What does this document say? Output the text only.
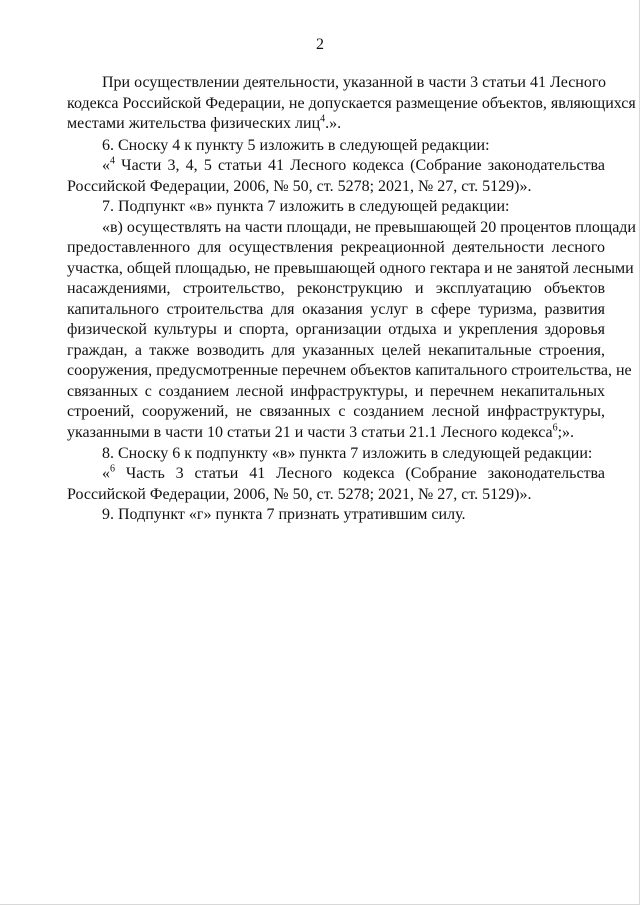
2
При осуществлении деятельности, указанной в части 3 статьи 41 Лесного
кодекса Российской Федерации, не допускается размещение объектов, являющихся
местами жительства физических лиц$^4$.».
6. Сноску 4 к пункту 5 изложить в следующей редакции:
«$^4$ Части 3, 4, 5 статьи 41 Лесного кодекса (Собрание законодательства
Российской Федерации, 2006, № 50, ст. 5278; 2021, № 27, ст. 5129)».
7. Подпункт «в» пункта 7 изложить в следующей редакции:
«в) осуществлять на части площади, не превышающей 20 процентов площади
предоставленного для осуществления рекреационной деятельности лесного
участка, общей площадью, не превышающей одного гектара и не занятой лесными
насаждениями, строительство, реконструкцию и эксплуатацию объектов
капитального строительства для оказания услуг в сфере туризма, развития
физической культуры и спорта, организации отдыха и укрепления здоровья
граждан, а также возводить для указанных целей некапитальные строения,
сооружения, предусмотренные перечнем объектов капитального строительства, не
связанных с созданием лесной инфраструктуры, и перечнем некапитальных
строений, сооружений, не связанных с созданием лесной инфраструктуры,
указанными в части 10 статьи 21 и части 3 статьи 21.1 Лесного кодекса$^6$;».
8. Сноску 6 к подпункту «в» пункта 7 изложить в следующей редакции:
«$^6$ Часть 3 статьи 41 Лесного кодекса (Собрание законодательства
Российской Федерации, 2006, № 50, ст. 5278; 2021, № 27, ст. 5129)».
9. Подпункт «г» пункта 7 признать утратившим силу.
